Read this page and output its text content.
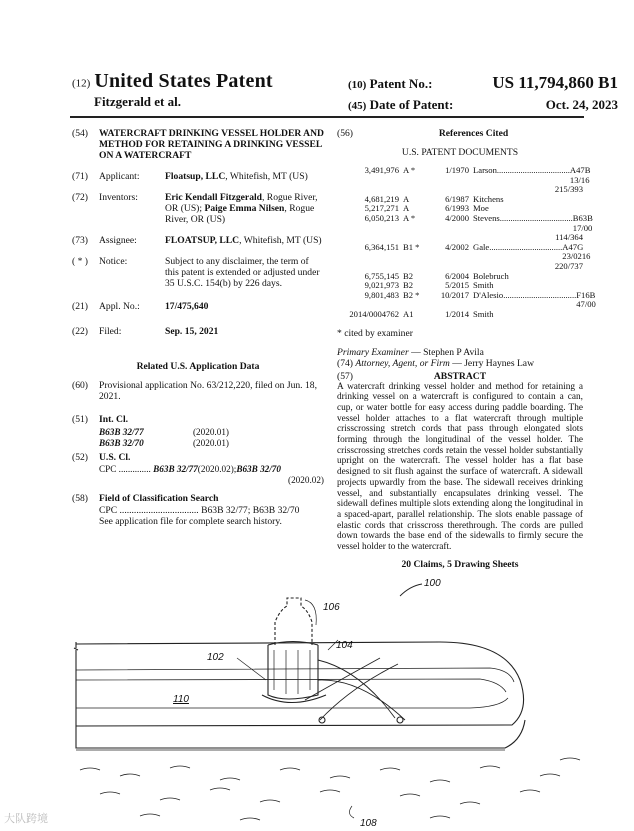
(12) United States Patent
Fitzgerald et al.
(10) Patent No.:	US 11,794,860 B1
(45) Date of Patent:	Oct. 24, 2023
(54)	WATERCRAFT DRINKING VESSEL HOLDER AND METHOD FOR RETAINING A DRINKING VESSEL ON A WATERCRAFT
(71)	Applicant:	Floatsup, LLC, Whitefish, MT (US)
(72)	Inventors:	Eric Kendall Fitzgerald, Rogue River, OR (US); Paige Emma Nilsen, Rogue River, OR (US)
(73)	Assignee:	FLOATSUP, LLC, Whitefish, MT (US)
( * )	Notice:	Subject to any disclaimer, the term of this patent is extended or adjusted under 35 U.S.C. 154(b) by 226 days.
(21)	Appl. No.:	17/475,640
(22)	Filed:	Sep. 15, 2021
Related U.S. Application Data
(60)	Provisional application No. 63/212,220, filed on Jun. 18, 2021.
(51)	Int. Cl.
B63B 32/77	(2020.01)
B63B 32/70	(2020.01)
(52)	U.S. Cl.
CPC ..............
B63B 32/77 (2020.02); B63B 32/70
(2020.02)
(58)	Field of Classification Search
CPC ................................. B63B 32/77; B63B 32/70
See application file for complete search history.
(56)	References Cited
U.S. PATENT DOCUMENTS
3,491,976 A *	1/1970 Larson .................................. A47B 13/16
215/393
4,681,219 A	6/1987 Kitchens
5,217,271 A	6/1993 Moe
6,050,213 A *	4/2000 Stevens .................................. B63B 17/00
114/364
6,364,151 B1 *	4/2002 Gale .................................. A47G 23/0216
220/737
6,755,145 B2	6/2004 Bolebruch
9,021,973 B2	5/2015 Smith
9,801,483 B2 *	10/2017 D'Alesio .................................. F16B 47/00
2014/0004762 A1	1/2014 Smith
* cited by examiner
Primary Examiner — Stephen P Avila
(74) Attorney, Agent, or Firm — Jerry Haynes Law
(57)	ABSTRACT
A watercraft drinking vessel holder and method for retaining a drinking vessel on a watercraft is configured to contain a can, cup, or water bottle for easy access during paddle boarding. The vessel holder attaches to a flat watercraft through multiple crisscrossing stretch cords that pass through elongated slots forming through the longitudinal of the vessel holder. The crisscrossing stretches cords retain the vessel holder substantially upright on the watercraft. The vessel holder has a flat base designed to sit flush against the surface of watercraft. A sidewall projects upwardly from the base. The sidewall receives drinking vessel, and substantially encapsulates drinking vessel. The sidewall defines multiple slots extending along the longitudinal in a spaced-apart, parallel relationship. The slots enable passage of elastic cords that crisscross therethrough. The cords are pulled down towards the base end of the sidewalls to firmly secure the vessel holder to the watercraft.
20 Claims, 5 Drawing Sheets
100
102
104
106
108
110
大队跨境
